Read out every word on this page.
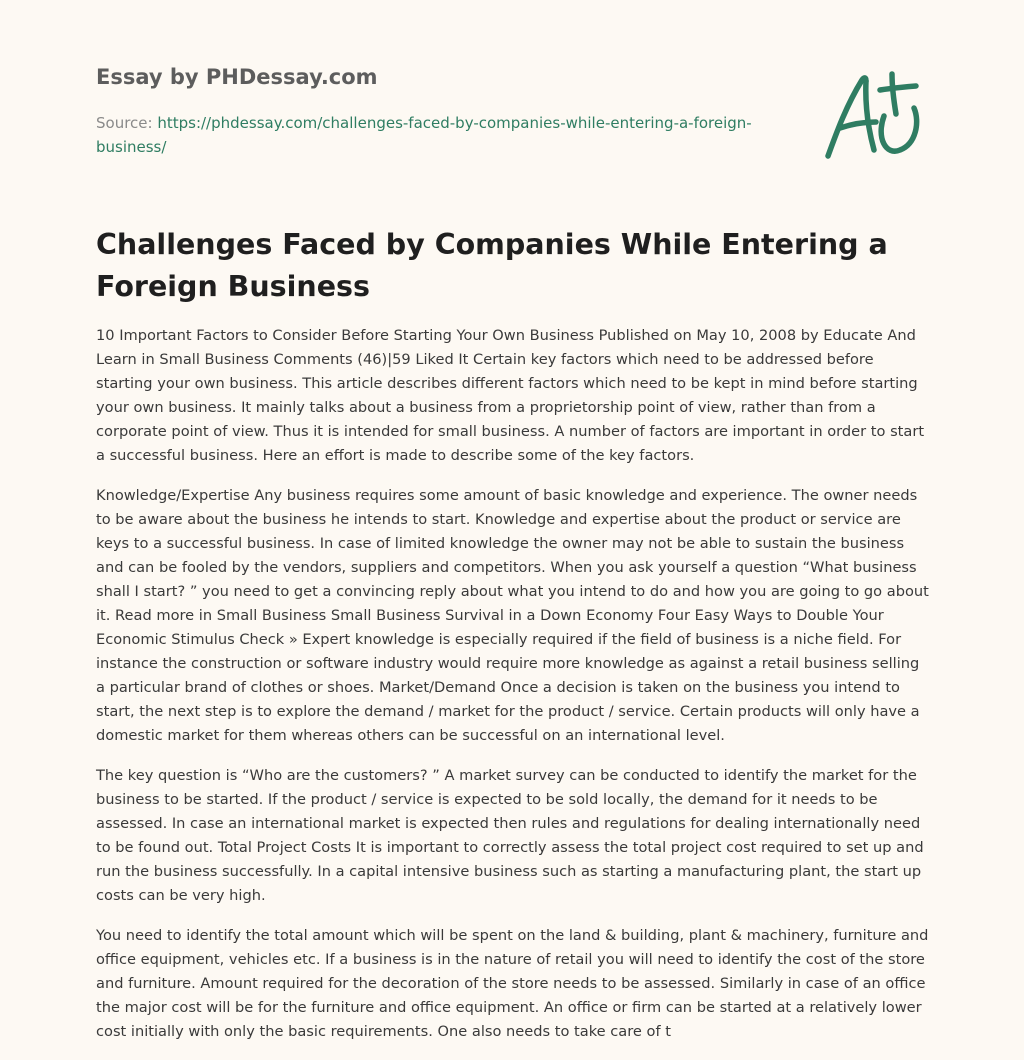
Essay by PHDessay.com
Source: https://phdessay.com/challenges-faced-by-companies-while-entering-a-foreign-business/
Challenges Faced by Companies While Entering a Foreign Business

10 Important Factors to Consider Before Starting Your Own Business Published on May 10, 2008 by Educate And Learn in Small Business Comments (46)|59 Liked It Certain key factors which need to be addressed before starting your own business. This article describes different factors which need to be kept in mind before starting your own business. It mainly talks about a business from a proprietorship point of view, rather than from a corporate point of view. Thus it is intended for small business. A number of factors are important in order to start a successful business. Here an effort is made to describe some of the key factors.

Knowledge/Expertise Any business requires some amount of basic knowledge and experience. The owner needs to be aware about the business he intends to start. Knowledge and expertise about the product or service are keys to a successful business. In case of limited knowledge the owner may not be able to sustain the business and can be fooled by the vendors, suppliers and competitors. When you ask yourself a question “What business shall I start? ” you need to get a convincing reply about what you intend to do and how you are going to go about it. Read more in Small Business Small Business Survival in a Down Economy Four Easy Ways to Double Your Economic Stimulus Check » Expert knowledge is especially required if the field of business is a niche field. For instance the construction or software industry would require more knowledge as against a retail business selling a particular brand of clothes or shoes. Market/Demand Once a decision is taken on the business you intend to start, the next step is to explore the demand / market for the product / service. Certain products will only have a domestic market for them whereas others can be successful on an international level.

The key question is “Who are the customers? ” A market survey can be conducted to identify the market for the business to be started. If the product / service is expected to be sold locally, the demand for it needs to be assessed. In case an international market is expected then rules and regulations for dealing internationally need to be found out. Total Project Costs It is important to correctly assess the total project cost required to set up and run the business successfully. In a capital intensive business such as starting a manufacturing plant, the start up costs can be very high.

You need to identify the total amount which will be spent on the land & building, plant & machinery, furniture and office equipment, vehicles etc. If a business is in the nature of retail you will need to identify the cost of the store and furniture. Amount required for the decoration of the store needs to be assessed. Similarly in case of an office the major cost will be for the furniture and office equipment. An office or firm can be started at a relatively lower cost initially with only the basic requirements. One also needs to take care of t
